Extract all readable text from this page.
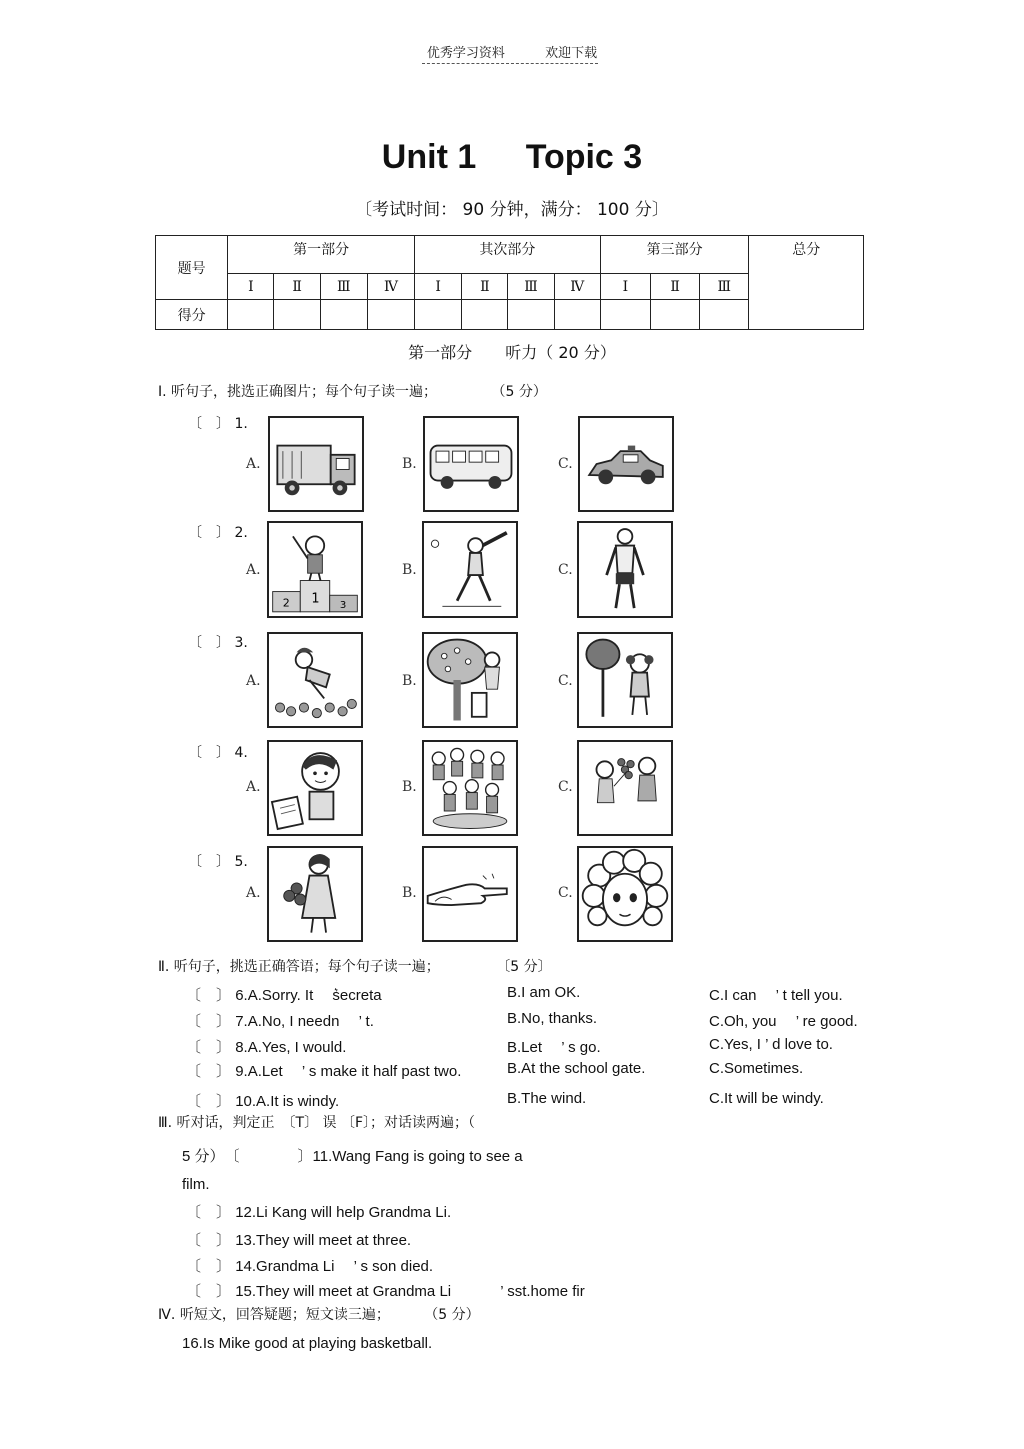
优秀学习资料	欢迎下载
Unit 1 Topic 3
〔考试时间： 90 分钟，满分： 100 分〕
题号	第一部分				其次部分				第三部分			总分
	Ⅰ	Ⅱ	Ⅲ	Ⅳ	Ⅰ	Ⅱ	Ⅲ	Ⅳ	Ⅰ	Ⅱ	Ⅲ	
得分												
第一部分 听力（ 20 分）
Ⅰ. 听句子，挑选正确图片；每个句子读一遍；	（5 分）
〔　〕 1.
〔　〕 2.
〔　〕 3.
〔　〕 4.
〔　〕 5.
A.	B.	C.
A.	B.	C.
A.	B.	C.
A.	B.	C.
A.	B.	C.
2 1 3
Ⅱ. 听句子，挑选正确答语；每个句子读一遍；	〔5 分〕
〔　〕 6.A.Sorry. It　 s͛ecreta	B.I am OK.	C.I can　 ’ t tell you.
〔　〕 7.A.No, I needn　 ’ t.	B.No, thanks.	C.Oh, you　 ’ re good.
〔　〕 8.A.Yes, I would.	B.Let　 ’ s go.	C.Yes, I ’ d love to.
〔　〕 9.A.Let　 ’ s make it half past two.	B.At the school gate.	C.Sometimes.
〔　〕 10.A.It is windy.	B.The wind.	C.It will be windy.
Ⅲ. 听对话，判定正　〔T〕 误 〔F〕；对话读两遍；（
5 分）　〔	〕11.Wang Fang is going to see a
film.
〔　〕 12.Li Kang will help Grandma Li.
〔　〕 13.They will meet at three.
〔　〕 14.Grandma Li　 ’ s son died.
〔　〕 15.They will meet at Grandma Li　　　 ’ sst.home fir
Ⅳ. 听短文，回答疑题；短文读三遍； （5 分）
16.Is Mike good at playing basketball.
